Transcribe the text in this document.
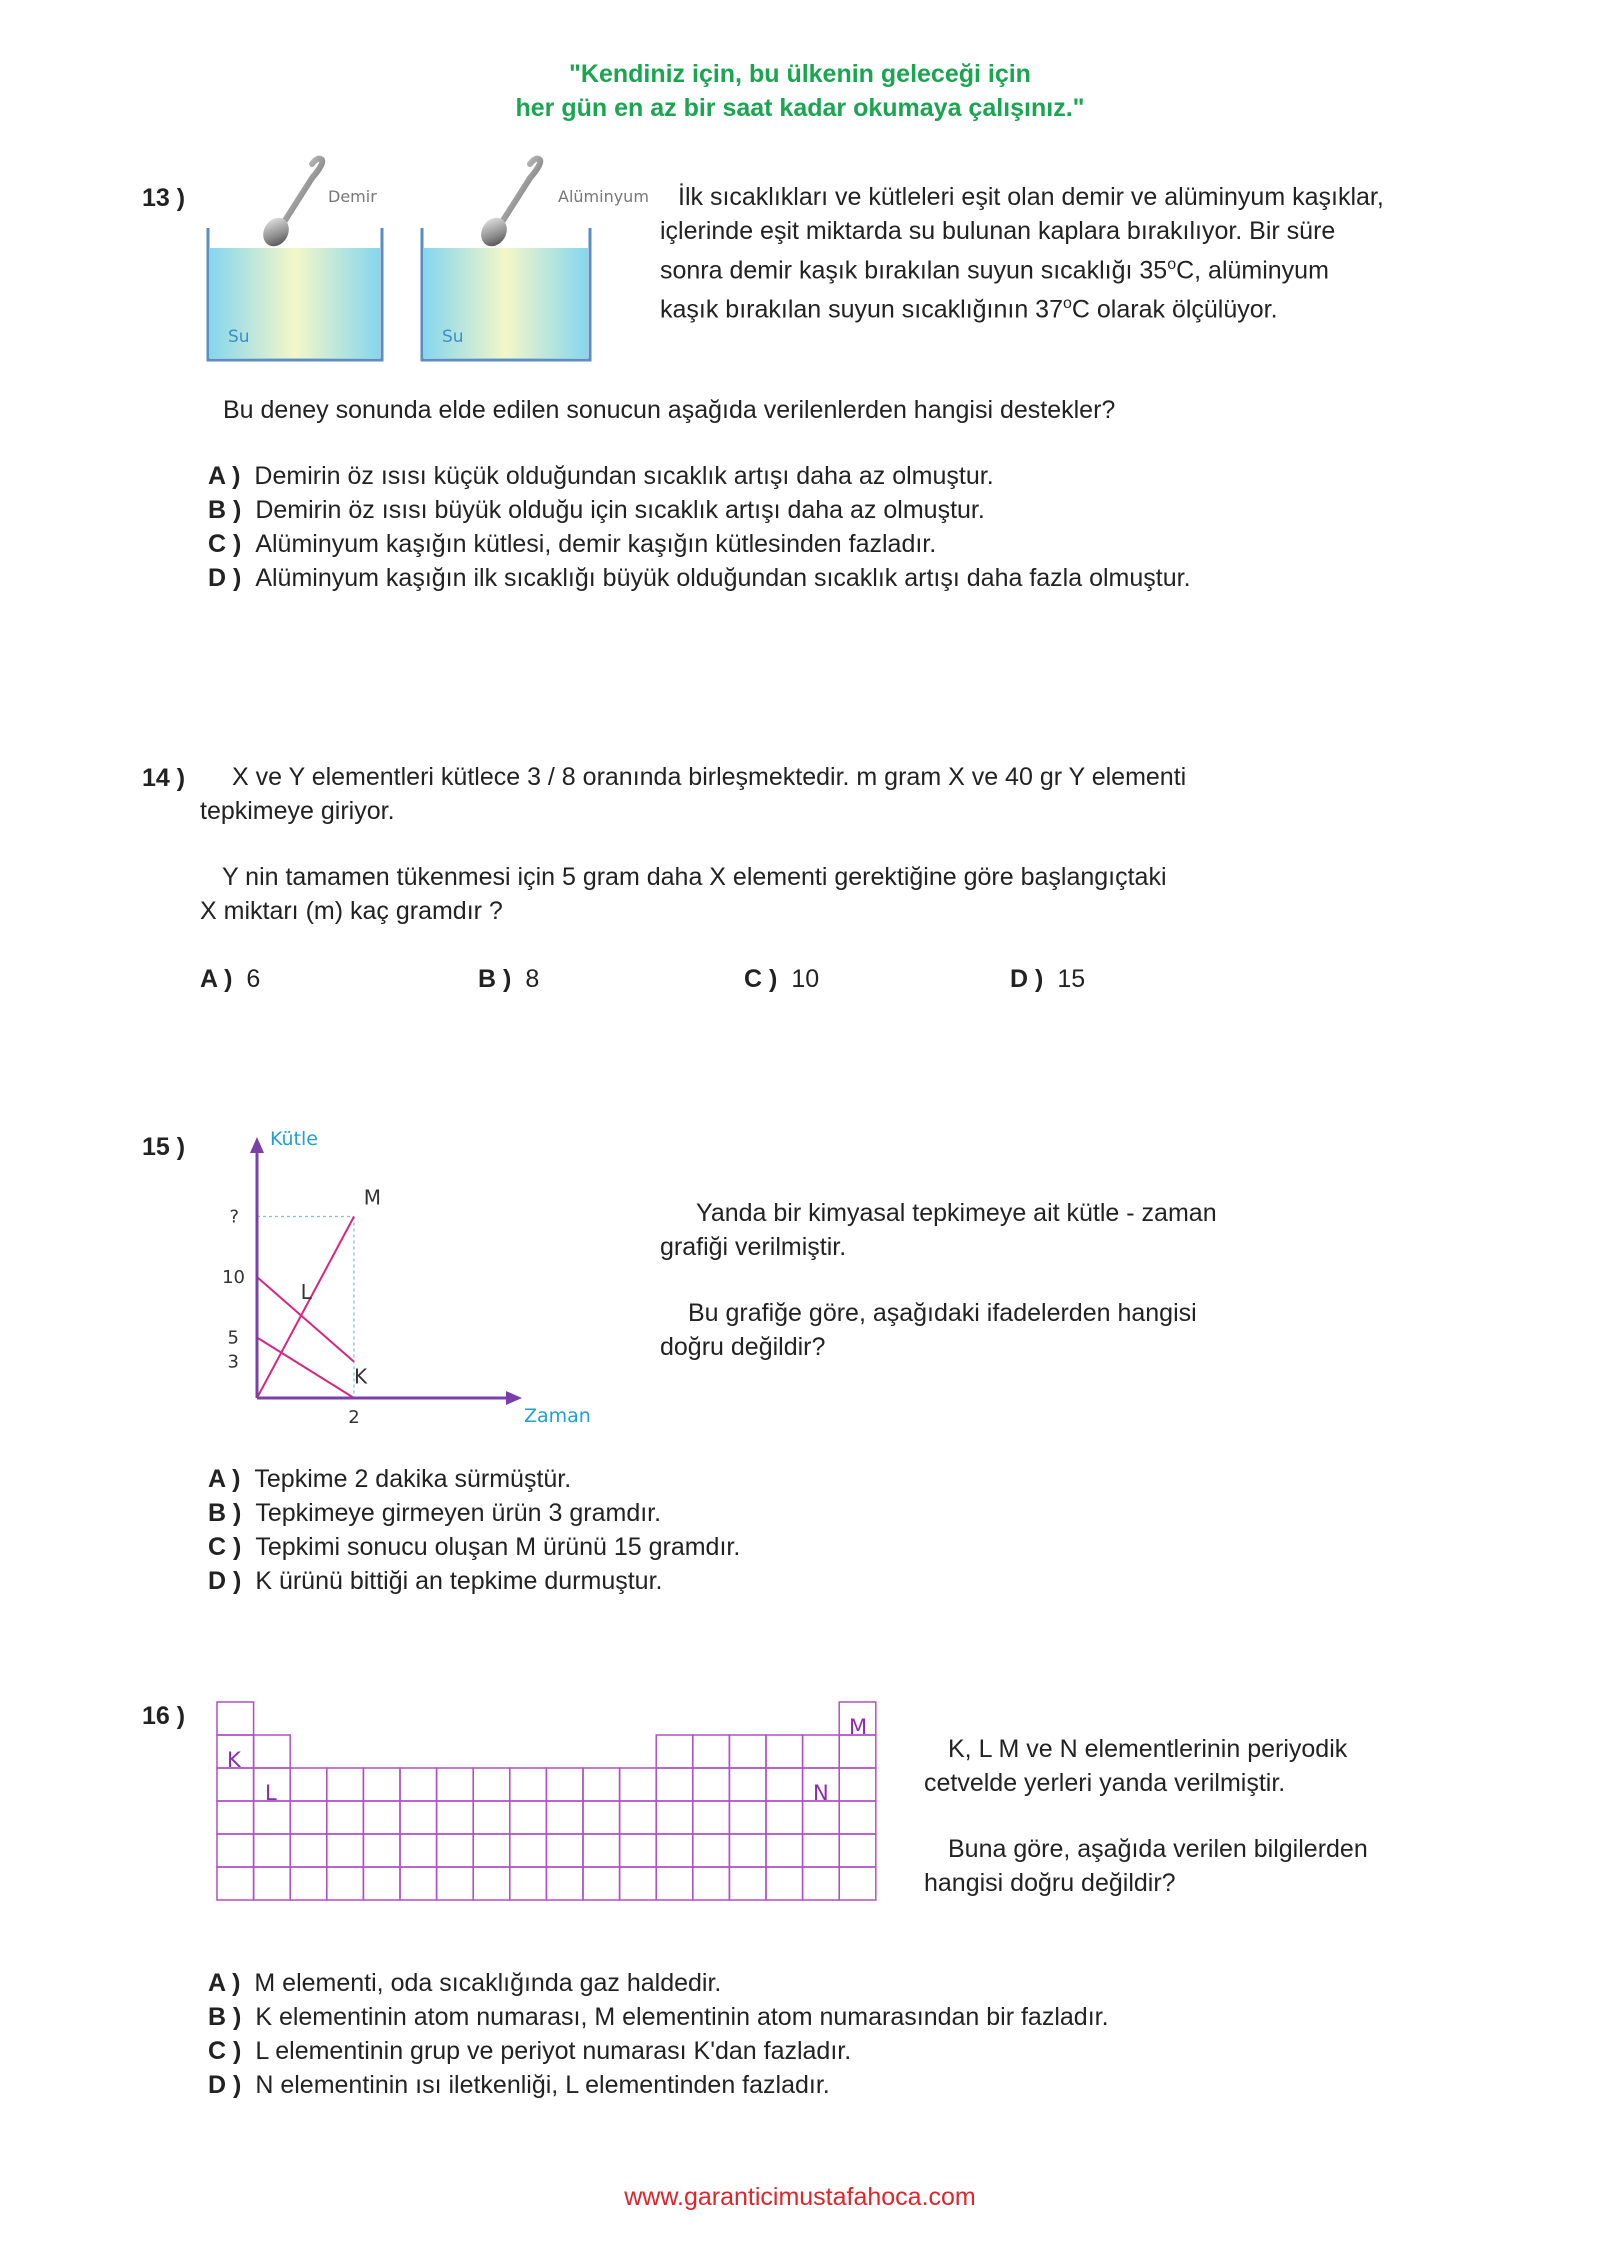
"Kendiniz için, bu ülkenin geleceği için
her gün en az bir saat kadar okumaya çalışınız."
13 )	Demir
Su
Alüminyum
Su
İlk sıcaklıkları ve kütleleri eşit olan demir ve alüminyum kaşıklar,
içlerinde eşit miktarda su bulunan kaplara bırakılıyor. Bir süre
sonra demir kaşık bırakılan suyun sıcaklığı 35$^o$C, alüminyum
kaşık bırakılan suyun sıcaklığının 37$^o$C olarak ölçülüyor.
Bu deney sonunda elde edilen sonucun aşağıda verilenlerden hangisi destekler?
A ) Demirin öz ısısı küçük olduğundan sıcaklık artışı daha az olmuştur.
B ) Demirin öz ısısı büyük olduğu için sıcaklık artışı daha az olmuştur.
C ) Alüminyum kaşığın kütlesi, demir kaşığın kütlesinden fazladır.
D ) Alüminyum kaşığın ilk sıcaklığı büyük olduğundan sıcaklık artışı daha fazla olmuştur.
14 )	X ve Y elementleri kütlece 3 / 8 oranında birleşmektedir. m gram X ve 40 gr Y elementi
tepkimeye giriyor.
Y nin tamamen tükenmesi için 5 gram daha X elementi gerektiğine göre başlangıçtaki
X miktarı (m) kaç gramdır ?
A ) 6	B ) 8	C ) 10	D ) 15
15 )	Kütle
Zaman
3
5
10
?
2
L
K
M
Yanda bir kimyasal tepkimeye ait kütle - zaman
grafiği verilmiştir.
Bu grafiğe göre, aşağıdaki ifadelerden hangisi
doğru değildir?
A ) Tepkime 2 dakika sürmüştür.
B ) Tepkimeye girmeyen ürün 3 gramdır.
C ) Tepkimi sonucu oluşan M ürünü 15 gramdır.
D ) K ürünü bittiği an tepkime durmuştur.
16 )
K
L	N
M
K, L M ve N elementlerinin periyodik
cetvelde yerleri yanda verilmiştir.
Buna göre, aşağıda verilen bilgilerden
hangisi doğru değildir?
A ) M elementi, oda sıcaklığında gaz haldedir.
B ) K elementinin atom numarası, M elementinin atom numarasından bir fazladır.
C ) L elementinin grup ve periyot numarası K'dan fazladır.
D ) N elementinin ısı iletkenliği, L elementinden fazladır.
www.garanticimustafahoca.com
